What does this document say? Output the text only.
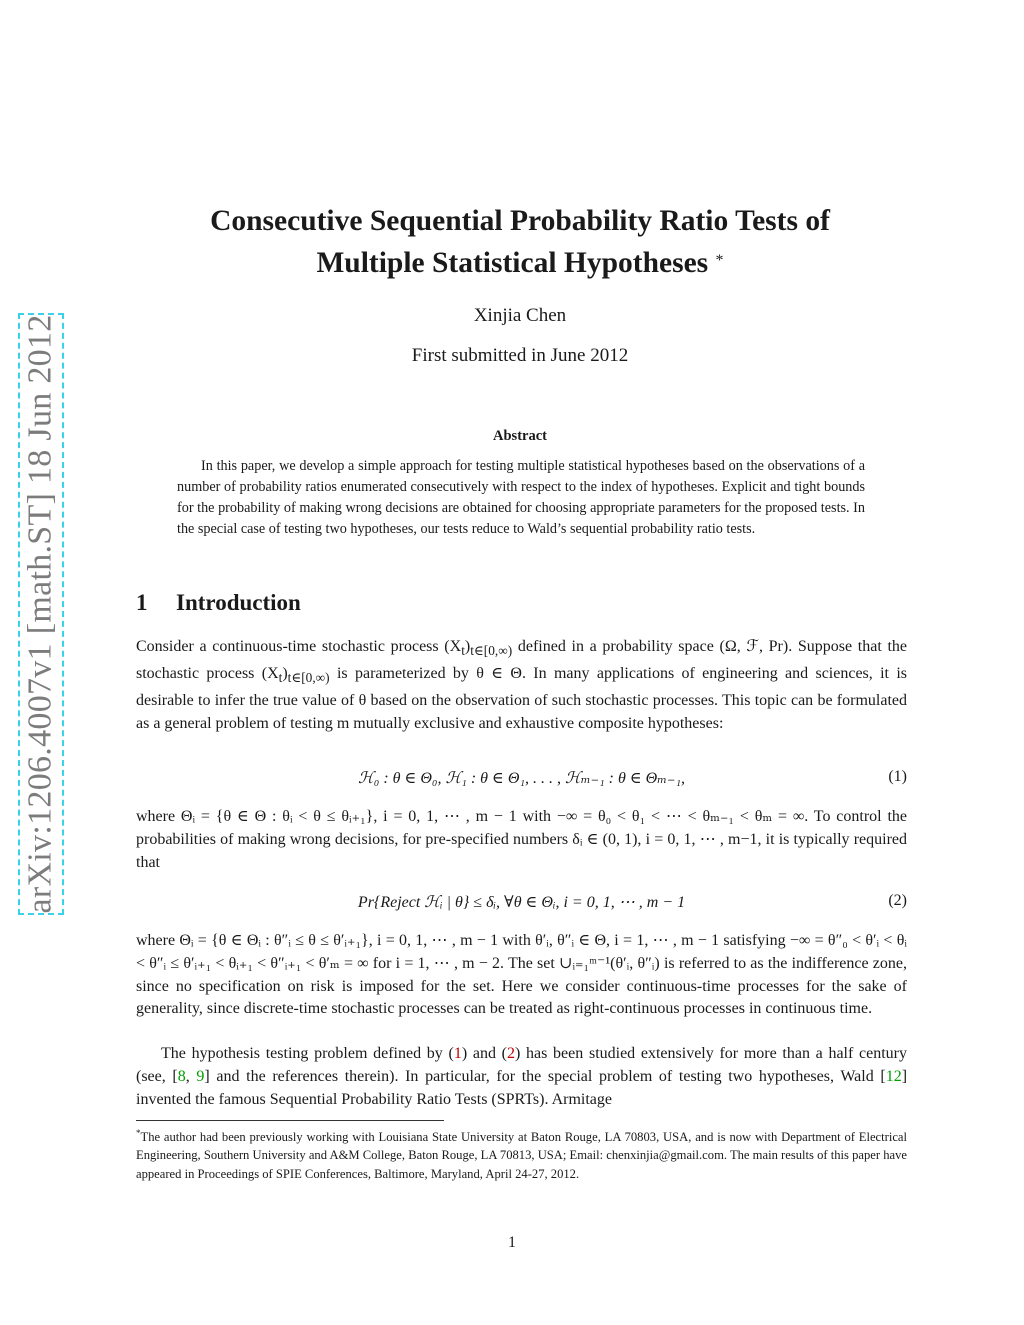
arXiv:1206.4007v1 [math.ST] 18 Jun 2012
Consecutive Sequential Probability Ratio Tests of
Multiple Statistical Hypotheses *
Xinjia Chen
First submitted in June 2012
Abstract
In this paper, we develop a simple approach for testing multiple statistical hypotheses based on the observations of a number of probability ratios enumerated consecutively with respect to the index of hypotheses. Explicit and tight bounds for the probability of making wrong decisions are obtained for choosing appropriate parameters for the proposed tests. In the special case of testing two hypotheses, our tests reduce to Wald’s sequential probability ratio tests.
1 Introduction
Consider a continuous-time stochastic process $(X_t)_{t\in[0,\infty)}$ defined in a probability space (Ω, ℱ, Pr). Suppose that the stochastic process $(X_t)_{t\in[0,\infty)}$ is parameterized by θ ∈ Θ. In many applications of engineering and sciences, it is desirable to infer the true value of θ based on the observation of such stochastic processes. This topic can be formulated as a general problem of testing m mutually exclusive and exhaustive composite hypotheses:
ℋ₀ : θ ∈ Θ₀, ℋ₁ : θ ∈ Θ₁, . . . , ℋₘ₋₁ : θ ∈ Θₘ₋₁,	(1)
where Θᵢ = {θ ∈ Θ : θᵢ < θ ≤ θᵢ₊₁}, i = 0, 1, ⋯ , m − 1 with −∞ = θ₀ < θ₁ < ⋯ < θₘ₋₁ < θₘ = ∞. To control the probabilities of making wrong decisions, for pre-specified numbers δᵢ ∈ (0, 1), i = 0, 1, ⋯ , m−1, it is typically required that
Pr{Reject ℋᵢ | θ} ≤ δᵢ, ∀θ ∈ Θᵢ, i = 0, 1, ⋯ , m − 1	(2)
where Θᵢ = {θ ∈ Θᵢ : θ″ᵢ ≤ θ ≤ θ′ᵢ₊₁}, i = 0, 1, ⋯ , m − 1 with θ′ᵢ, θ″ᵢ ∈ Θ, i = 1, ⋯ , m − 1 satisfying −∞ = θ″₀ < θ′ᵢ < θᵢ < θ″ᵢ ≤ θ′ᵢ₊₁ < θᵢ₊₁ < θ″ᵢ₊₁ < θ′ₘ = ∞ for i = 1, ⋯ , m − 2. The set ∪ᵢ₌₁ᵐ⁻¹(θ′ᵢ, θ″ᵢ) is referred to as the indifference zone, since no specification on risk is imposed for the set. Here we consider continuous-time processes for the sake of generality, since discrete-time stochastic processes can be treated as right-continuous processes in continuous time.
The hypothesis testing problem defined by (1) and (2) has been studied extensively for more than a half century (see, [8, 9] and the references therein). In particular, for the special problem of testing two hypotheses, Wald [12] invented the famous Sequential Probability Ratio Tests (SPRTs). Armitage
*The author had been previously working with Louisiana State University at Baton Rouge, LA 70803, USA, and is now with Department of Electrical Engineering, Southern University and A&M College, Baton Rouge, LA 70813, USA; Email: chenxinjia@gmail.com. The main results of this paper have appeared in Proceedings of SPIE Conferences, Baltimore, Maryland, April 24-27, 2012.
1
